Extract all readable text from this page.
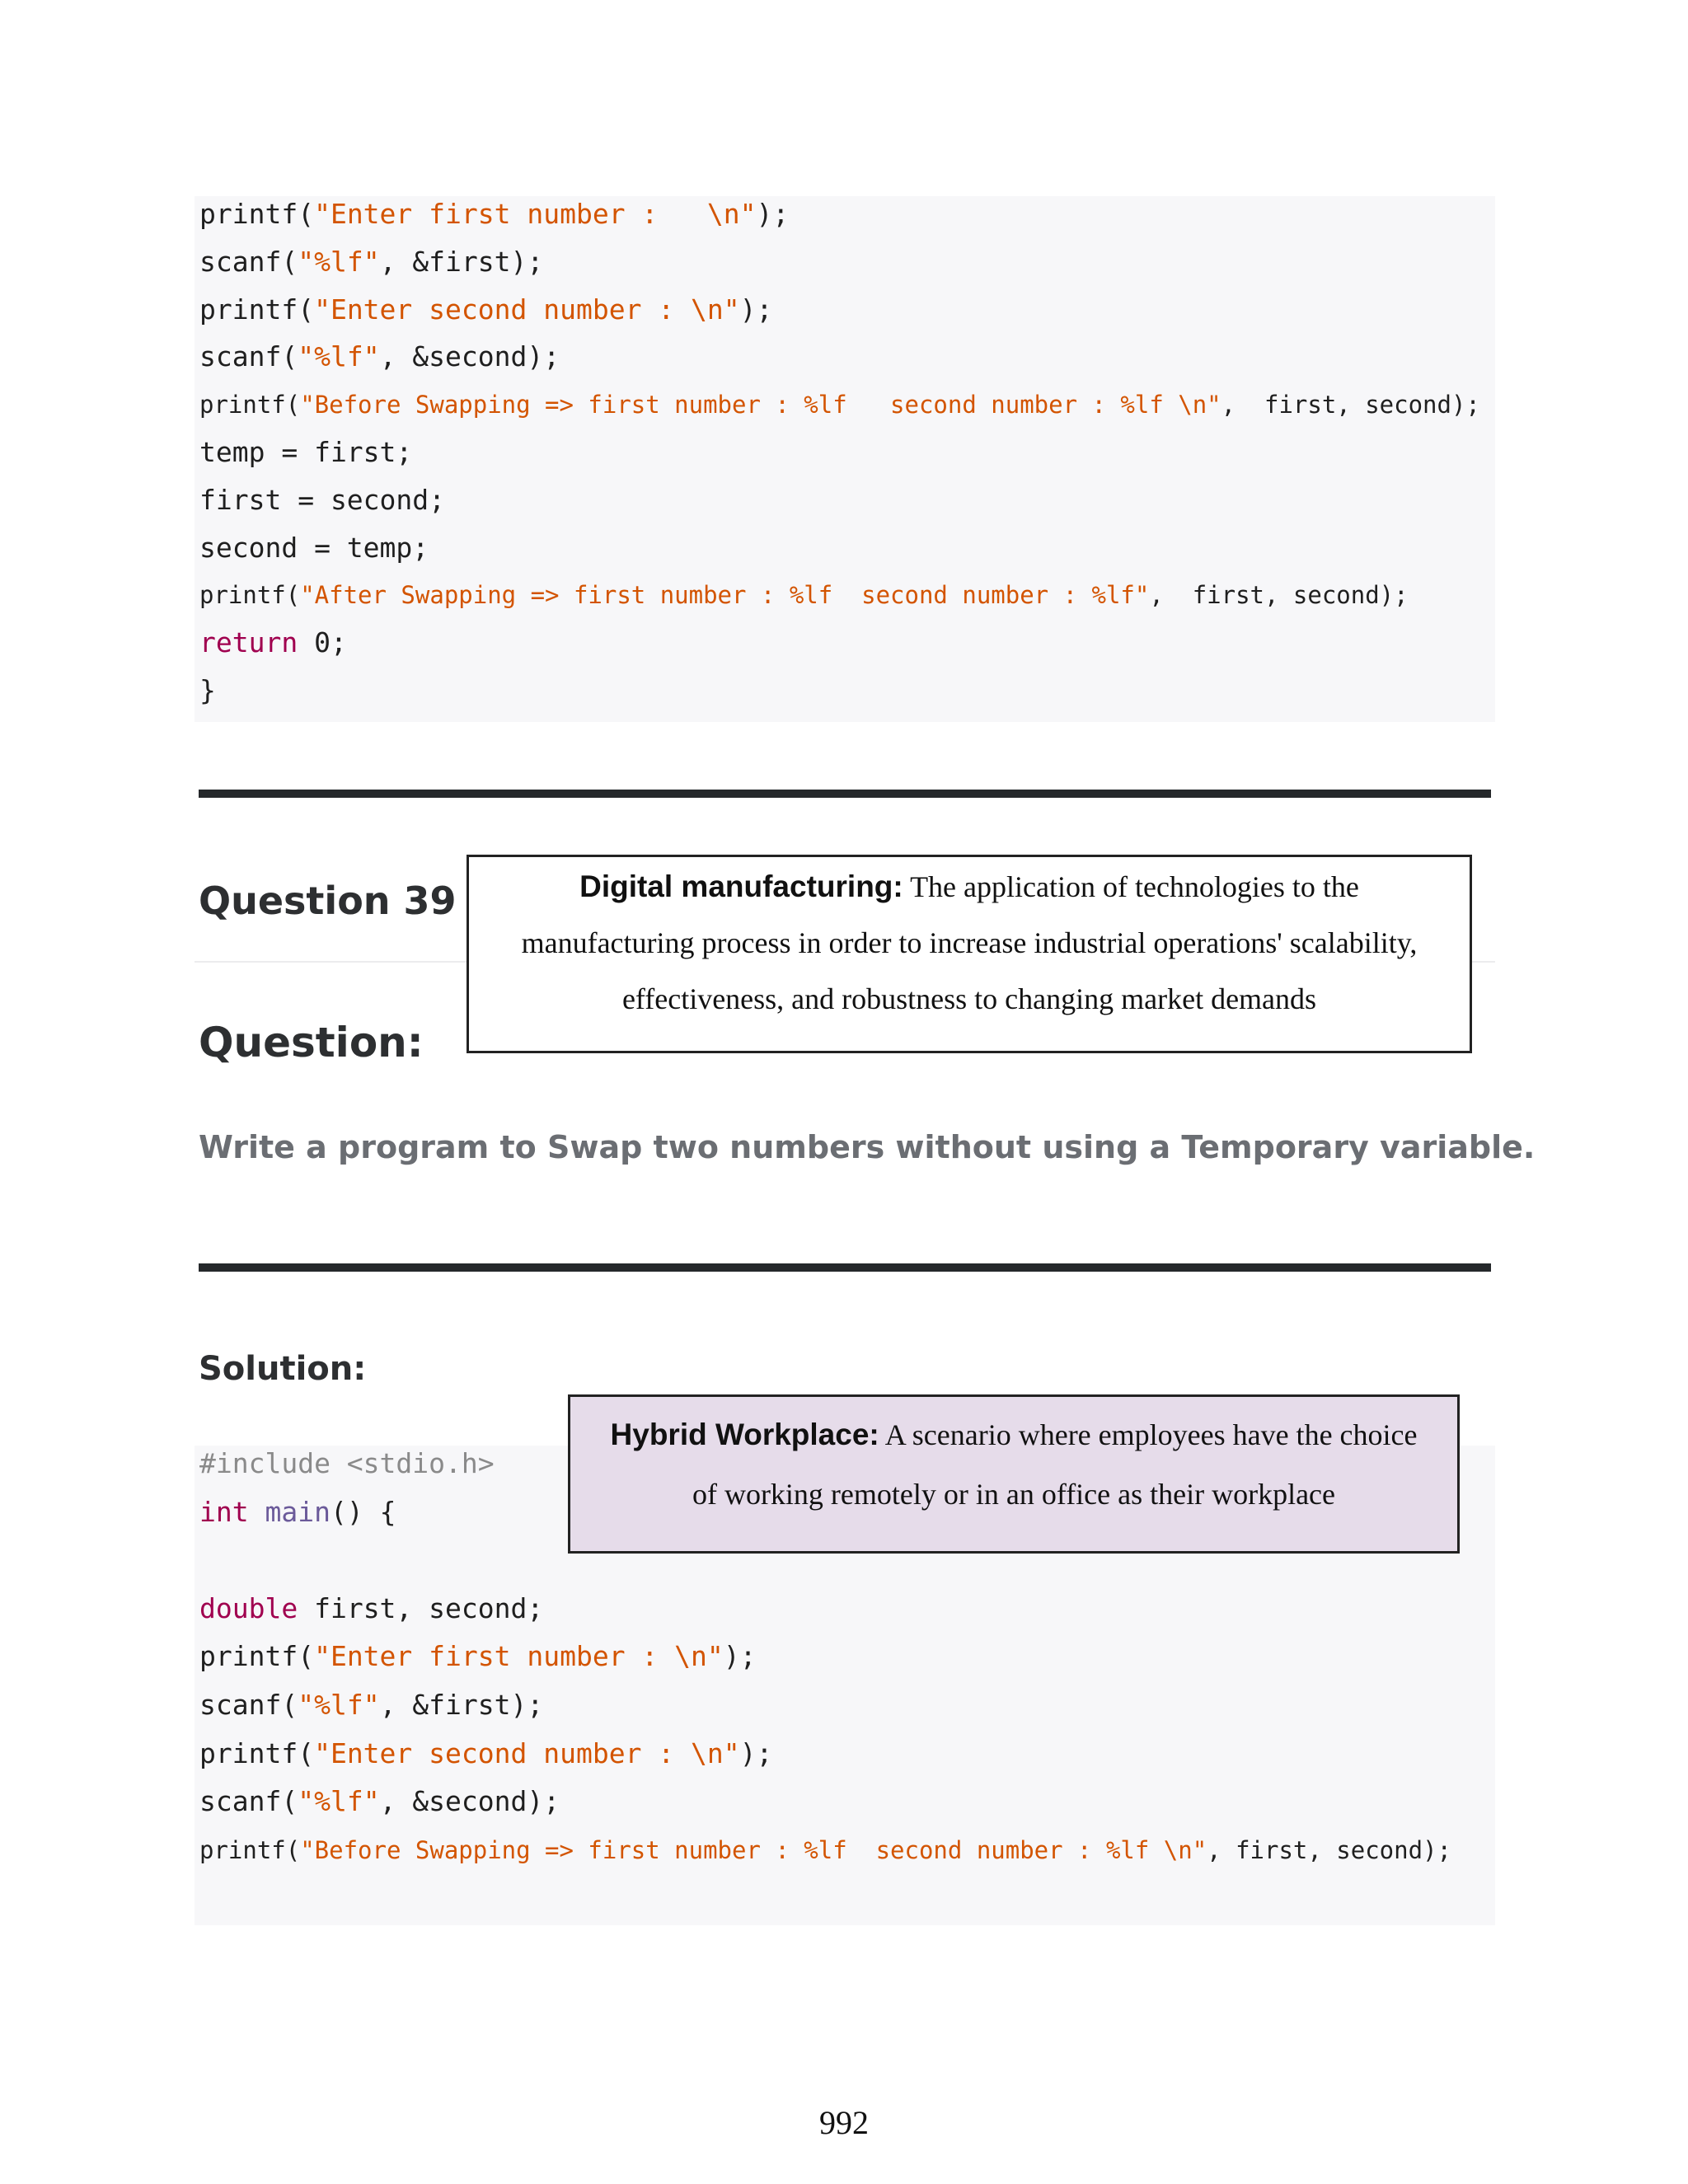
printf("Enter first number :   \n");
scanf("%lf", &first);
printf("Enter second number : \n");
scanf("%lf", &second);
printf("Before Swapping => first number : %lf   second number : %lf \n",  first, second);
temp = first;
first = second;
second = temp;
printf("After Swapping => first number : %lf  second number : %lf",  first, second);
return 0;
}
Question 39
Question:
Digital manufacturing: The application of technologies to the manufacturing process in order to increase industrial operations' scalability, effectiveness, and robustness to changing market demands
Write a program to Swap two numbers without using a Temporary variable.
Solution:
#include <stdio.h>
int main() {
double first, second;
printf("Enter first number : \n");
scanf("%lf", &first);
printf("Enter second number : \n");
scanf("%lf", &second);
printf("Before Swapping => first number : %lf  second number : %lf \n", first, second);
Hybrid Workplace: A scenario where employees have the choice of working remotely or in an office as their workplace
992
